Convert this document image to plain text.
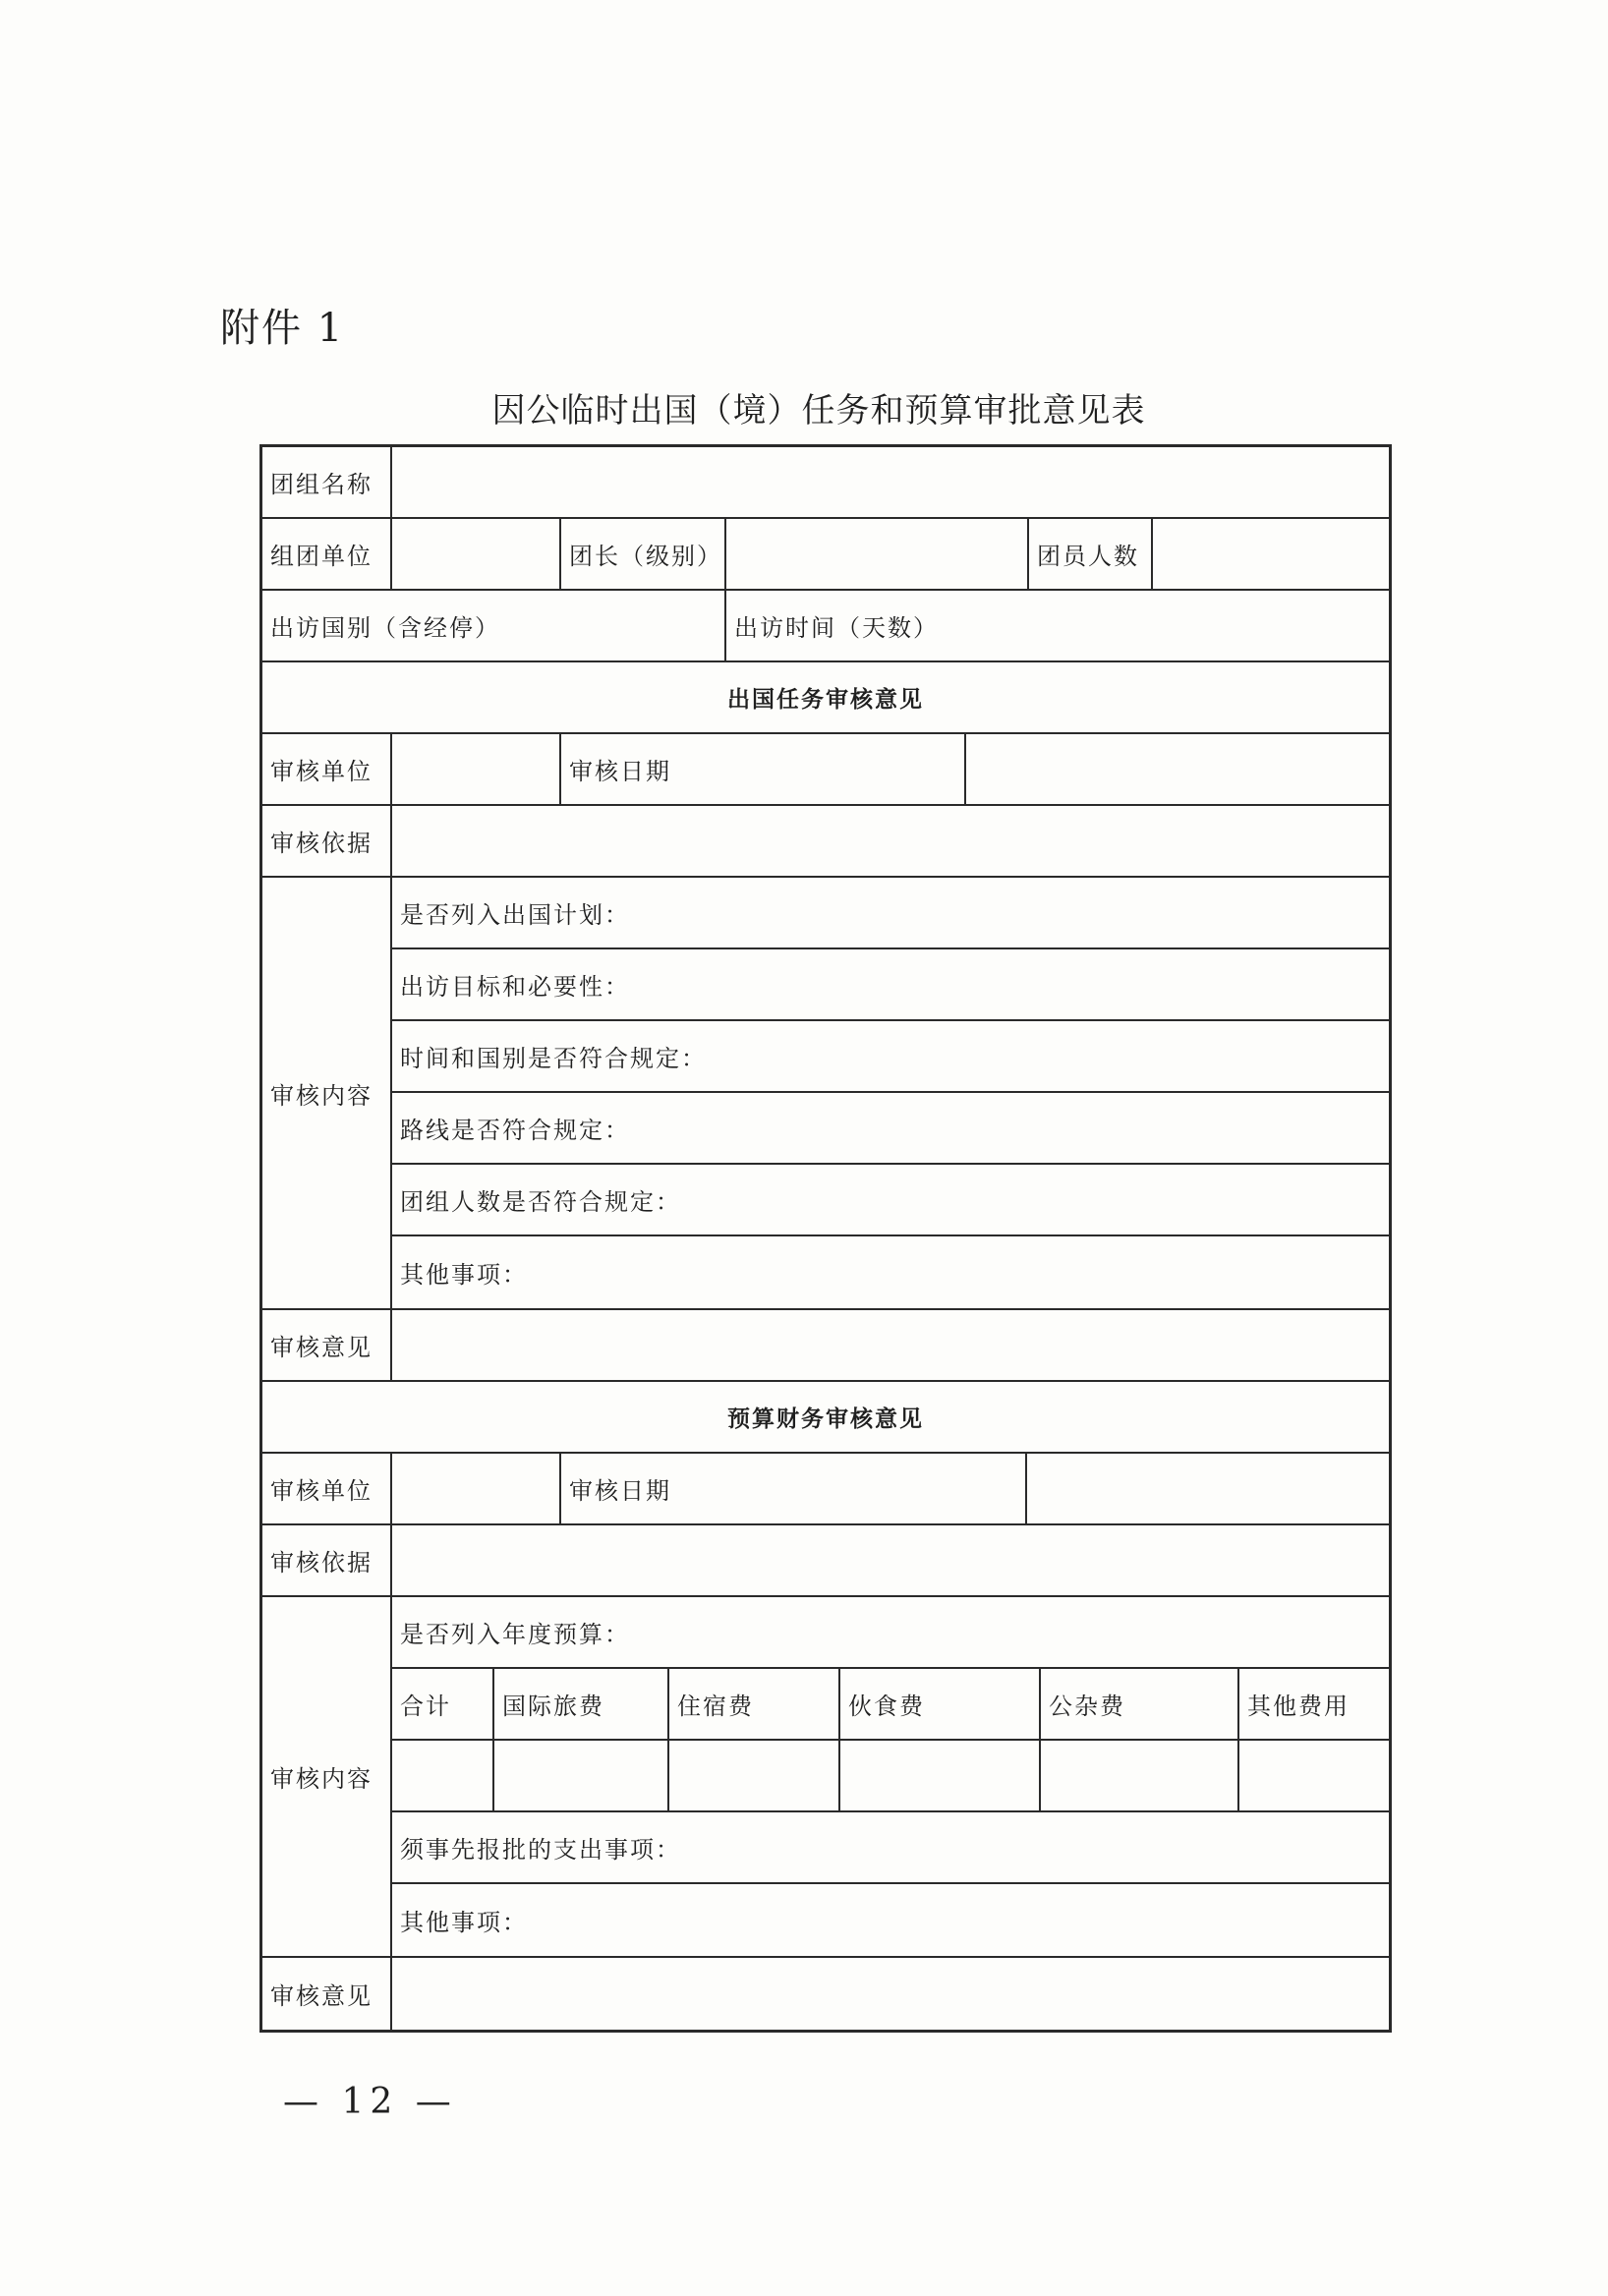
附件 1
因公临时出国（境）任务和预算审批意见表
团组名称
组团单位	团长（级别）	团员人数
出访国别（含经停）	出访时间（天数）
出国任务审核意见
审核单位	审核日期
审核依据
审核内容
是否列入出国计划：
出访目标和必要性：
时间和国别是否符合规定：
路线是否符合规定：
团组人数是否符合规定：
其他事项：
审核意见
预算财务审核意见
审核单位	审核日期
审核依据
审核内容
是否列入年度预算：
合计	国际旅费	住宿费	伙食费	公杂费	其他费用
须事先报批的支出事项：
其他事项：
审核意见
— 12 —
